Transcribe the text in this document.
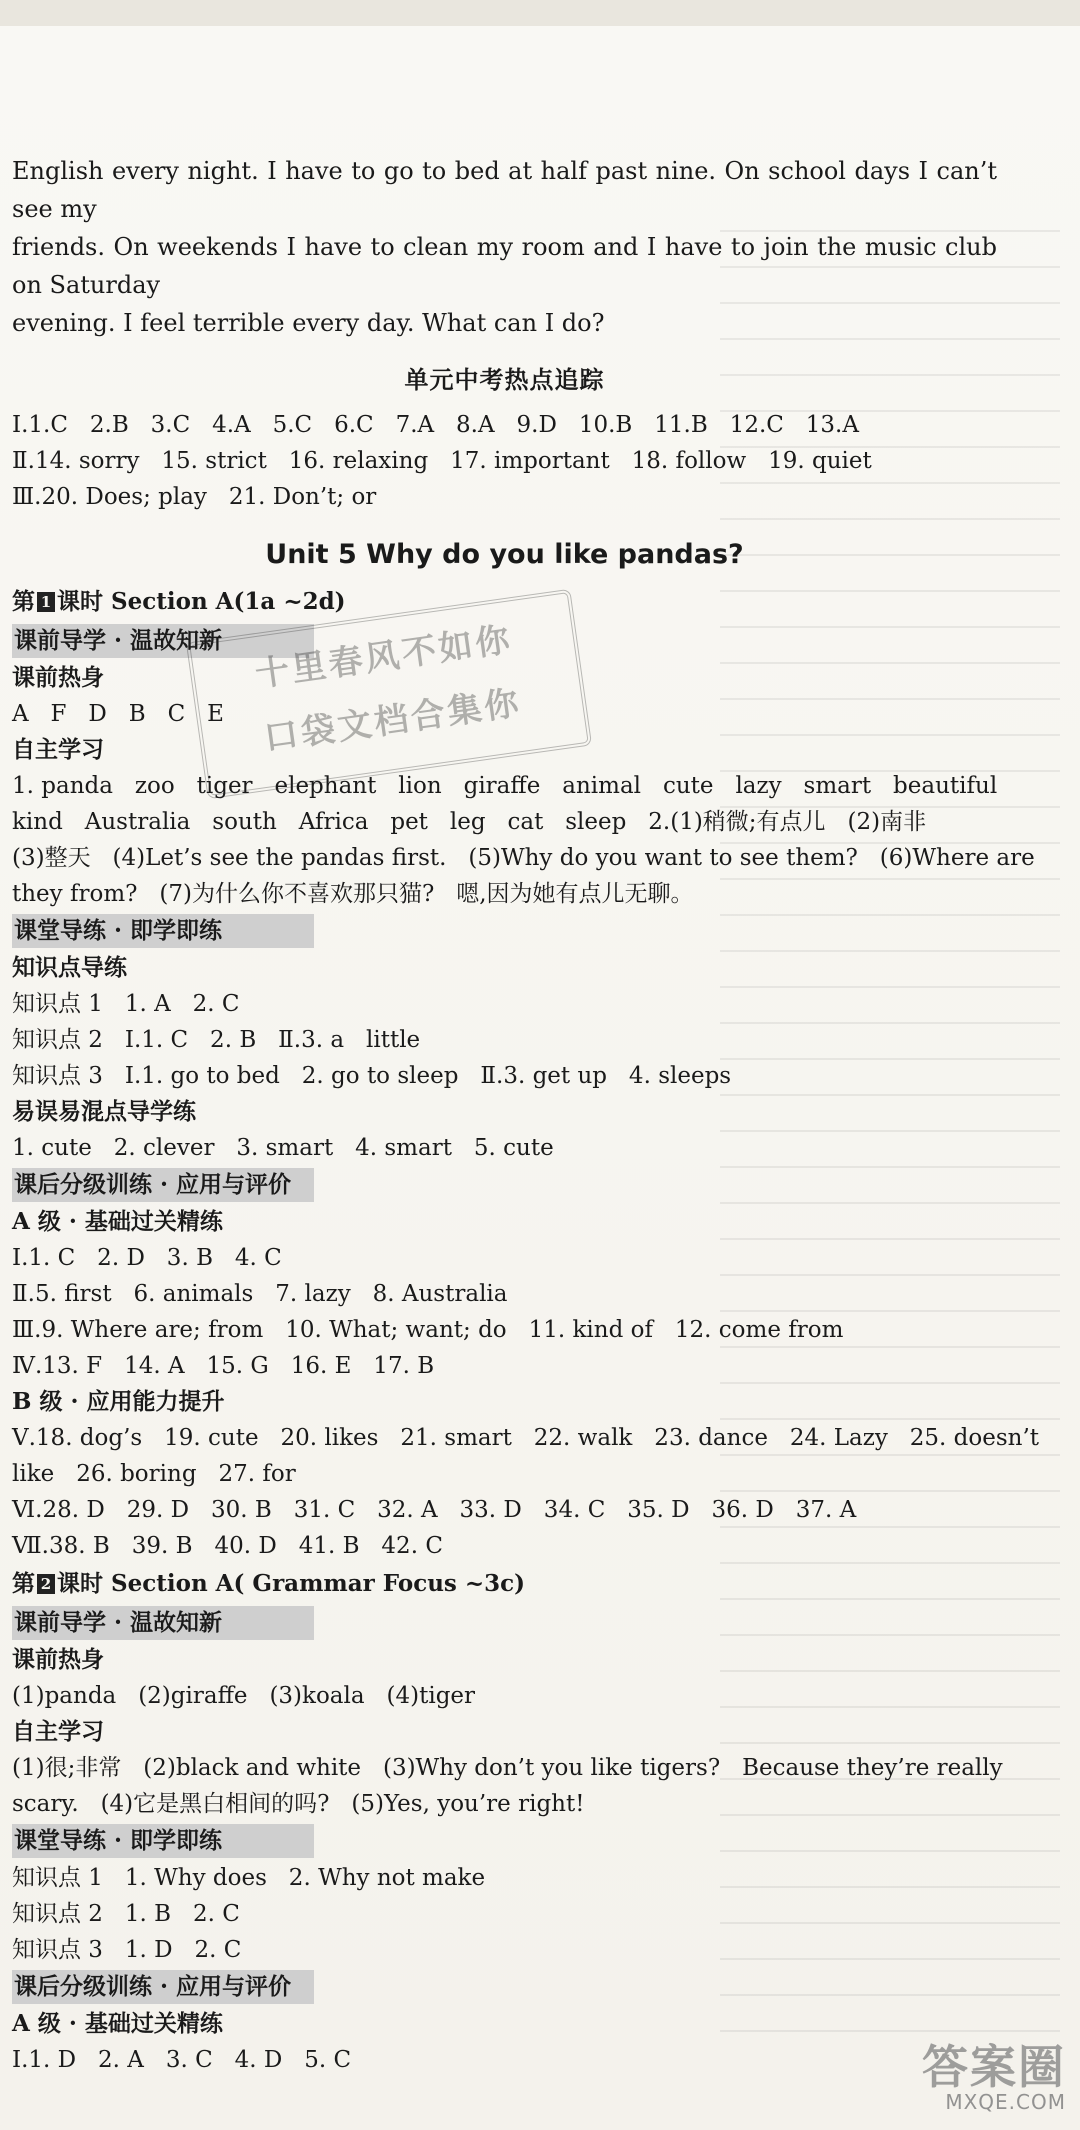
English every night. I have to go to bed at half past nine. On school days I can’t see my

friends. On weekends I have to clean my room and I have to join the music club on Saturday

evening. I feel terrible every day. What can I do?

单元中考热点追踪
Ⅰ.1.C   2.B   3.C   4.A   5.C   6.C   7.A   8.A   9.D   10.B   11.B   12.C   13.A
Ⅱ.14. sorry   15. strict   16. relaxing   17. important   18. follow   19. quiet
Ⅲ.20. Does; play   21. Don’t; or
Unit 5 Why do you like pandas?
第 1 课时 Section A(1a ~2d)
课前导学 · 温故知新
课前热身
A   F   D   B   C   E
自主学习
1. panda   zoo   tiger   elephant   lion   giraffe   animal   cute   lazy   smart   beautiful
kind   Australia   south   Africa   pet   leg   cat   sleep   2.(1)稍微;有点儿   (2)南非
(3)整天   (4)Let’s see the pandas first.   (5)Why do you want to see them?   (6)Where are
they from?   (7)为什么你不喜欢那只猫?   嗯,因为她有点儿无聊。
课堂导练 · 即学即练
知识点导练
知识点 1   1. A   2. C
知识点 2   Ⅰ.1. C   2. B   Ⅱ.3. a   little
知识点 3   Ⅰ.1. go to bed   2. go to sleep   Ⅱ.3. get up   4. sleeps
易误易混点导学练
1. cute   2. clever   3. smart   4. smart   5. cute
课后分级训练 · 应用与评价
A 级 · 基础过关精练
Ⅰ.1. C   2. D   3. B   4. C
Ⅱ.5. first   6. animals   7. lazy   8. Australia
Ⅲ.9. Where are; from   10. What; want; do   11. kind of   12. come from
Ⅳ.13. F   14. A   15. G   16. E   17. B
B 级 · 应用能力提升
Ⅴ.18. dog’s   19. cute   20. likes   21. smart   22. walk   23. dance   24. Lazy   25. doesn’t
like   26. boring   27. for
Ⅵ.28. D   29. D   30. B   31. C   32. A   33. D   34. C   35. D   36. D   37. A
Ⅶ.38. B   39. B   40. D   41. B   42. C
第 2 课时 Section A( Grammar Focus ~3c)
课前导学 · 温故知新
课前热身
(1)panda   (2)giraffe   (3)koala   (4)tiger
自主学习
(1)很;非常   (2)black and white   (3)Why don’t you like tigers?   Because they’re really
scary.   (4)它是黑白相间的吗?   (5)Yes, you’re right!
课堂导练 · 即学即练
知识点 1   1. Why does   2. Why not make
知识点 2   1. B   2. C
知识点 3   1. D   2. C
课后分级训练 · 应用与评价
A 级 · 基础过关精练
Ⅰ.1. D   2. A   3. C   4. D   5. C
十里春风不如你
口袋文档合集你
答案圈
MXQE.COM
